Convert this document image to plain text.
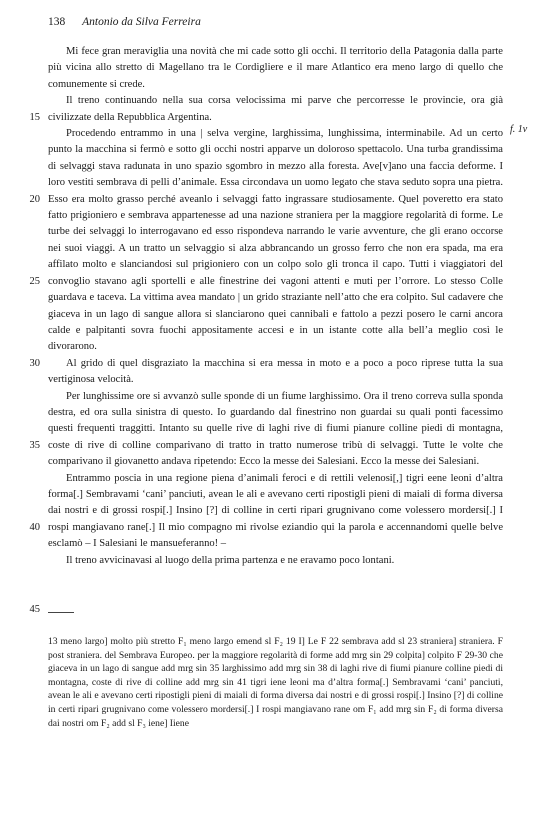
138 Antonio da Silva Ferreira
15
20
25
30
35
40
45
f. 1v

Mi fece gran meraviglia una novità che mi cade sotto gli occhi. Il territorio della Patagonia dalla parte più vicina allo stretto di Magellano tra le Cordigliere e il mare Atlantico era meno largo di quello che comunemente si crede.

Il treno continuando nella sua corsa velocissima mi parve che percorresse le provincie, ora già civilizzate della Repubblica Argentina.

Procedendo entrammo in una | selva vergine, larghissima, lunghissima, interminabile. Ad un certo punto la macchina si fermò e sotto gli occhi nostri apparve un doloroso spettacolo. Una turba grandissima di selvaggi stava radunata in uno spazio sgombro in mezzo alla foresta. Ave[v]ano una faccia deforme. I loro vestiti sembrava di pelli d’animale. Essa circondava un uomo legato che stava seduto sopra una pietra. Esso era molto grasso perché aveanlo i selvaggi fatto ingrassare studiosamente. Quel poveretto era stato fatto prigioniero e sembrava appartenesse ad una nazione straniera per la maggiore regolarità di forme. Le turbe dei selvaggi lo interrogavano ed esso rispondeva narrando le varie avventure, che gli erano occorse nei suoi viaggi. A un tratto un selvaggio si alza abbrancando un grosso ferro che non era spada, ma era affilato molto e slanciandosi sul prigioniero con un colpo solo gli tronca il capo. Tutti i viaggiatori del convoglio stavano agli sportelli e alle finestrine dei vagoni attenti e muti per l’orrore. Lo stesso Colle guardava e taceva. La vittima avea mandato | un grido straziante nell’atto che era colpito. Sul cadavere che giaceva in un lago di sangue allora si slanciarono quei cannibali e fattolo a pezzi posero le carni ancora calde e palpitanti sovra fuochi appositamente accesi e in un istante cotte alla bell’a meglio così le divorarono.

Al grido di quel disgraziato la macchina si era messa in moto e a poco a poco riprese tutta la sua vertiginosa velocità.

Per lunghissime ore si avvanzò sulle sponde di un fiume larghissimo. Ora il treno correva sulla sponda destra, ed ora sulla sinistra di questo. Io guardando dal finestrino non guardai su quali ponti facessimo questi frequenti traggitti. Intanto su quelle rive di laghi rive di fiumi pianure colline piedi di montagna, coste di rive di colline comparivano di tratto in tratto numerose tribù di selvaggi. Tutte le volte che comparivano il giovanetto andava ripetendo: Ecco la messe dei Salesiani. Ecco la messe dei Salesiani.

Entrammo poscia in una regione piena d’animali feroci e di rettili velenosi[,] tigri eene leoni d’altra forma[.] Sembravami ‘cani’ panciuti, avean le ali e avevano certi ripostigli pieni di maiali di forma diversa dai nostri e di grossi rospi[.] Insino [?] di colline in certi ripari grugnivano come volessero mordersi[.] I rospi mangiavano rane[.] Il mio compagno mi rivolse eziandio qui la parola e accennandomi quelle belve esclamò – I Salesiani le mansueferanno! –

Il treno avvicinavasi al luogo della prima partenza e ne eravamo poco lontani.

13 meno largo] molto più stretto F₁ meno largo emend sl F₂ 19 I] Le F 22 sembrava add sl 23 straniera] straniera. F post straniera. del Sembrava Europeo. per la maggiore regolarità di forme add mrg sin 29 colpita] colpito F 29-30 che giaceva in un lago di sangue add mrg sin 35 larghissimo add mrg sin 38 di laghi rive di fiumi pianure colline piedi di montagna, coste di rive di colline add mrg sin 41 tigri iene leoni ma d’altra forma[.] Sembravami ‘cani’ panciuti, avean le ali e avevano certi ripostigli pieni di maiali di forma diversa dai nostri e di grossi rospi[.] Insino [?] di colline in certi ripari grugnivano come volessero mordersi[.] I rospi mangiavano rane om F₁ add mrg sin F₂ di forma diversa dai nostri om F₂ add sl F₃ iene] Iiene
